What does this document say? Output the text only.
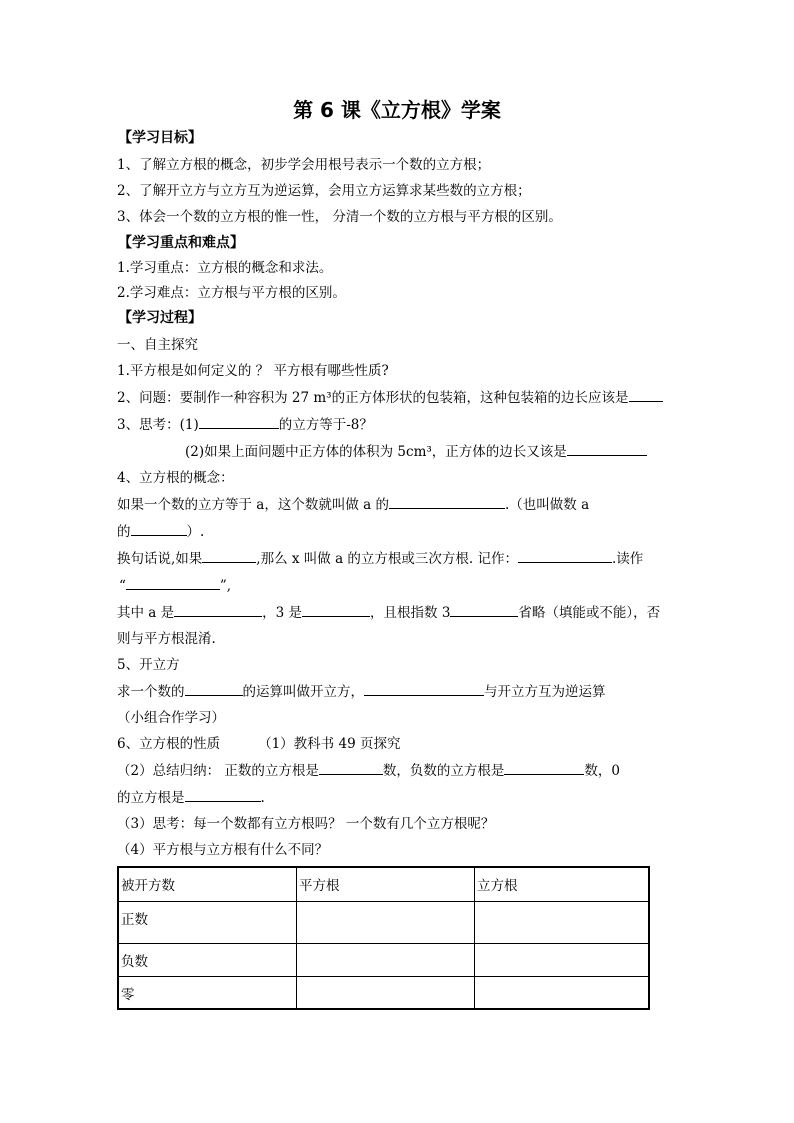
第 6 课《立方根》学案
【学习目标】
1、了解立方根的概念，初步学会用根号表示一个数的立方根；
2、了解开立方与立方互为逆运算，会用立方运算求某些数的立方根；
3、体会一个数的立方根的惟一性， 分清一个数的立方根与平方根的区别。
【学习重点和难点】
1.学习重点：立方根的概念和求法。
2.学习难点：立方根与平方根的区别。
【学习过程】
一、自主探究
1.平方根是如何定义的 ？ 平方根有哪些性质?
2、问题：要制作一种容积为 27 m³的正方体形状的包装箱，这种包装箱的边长应该是
3、思考：(1)	的立方等于-8？
(2)如果上面问题中正方体的体积为 5cm³，正方体的边长又该是
4、立方根的概念：
如果一个数的立方等于 a，这个数就叫做 a 的	.（也叫做数 a
的	）.
换句话说,如果	,那么 x 叫做 a 的立方根或三次方根. 记作：	.读作
“	”,
其中 a 是	，3 是	，且根指数 3	省略（填能或不能），否
则与平方根混淆.
5、开立方
求一个数的	的运算叫做开立方，	与开立方互为逆运算
（小组合作学习）
6、立方根的性质	（1）教科书 49 页探究
（2）总结归纳： 正数的立方根是	数，负数的立方根是	数，0
的立方根是	.
（3）思考：每一个数都有立方根吗？ 一个数有几个立方根呢？
（4）平方根与立方根有什么不同？
被开方数	平方根	立方根
正数		
负数		
零		
